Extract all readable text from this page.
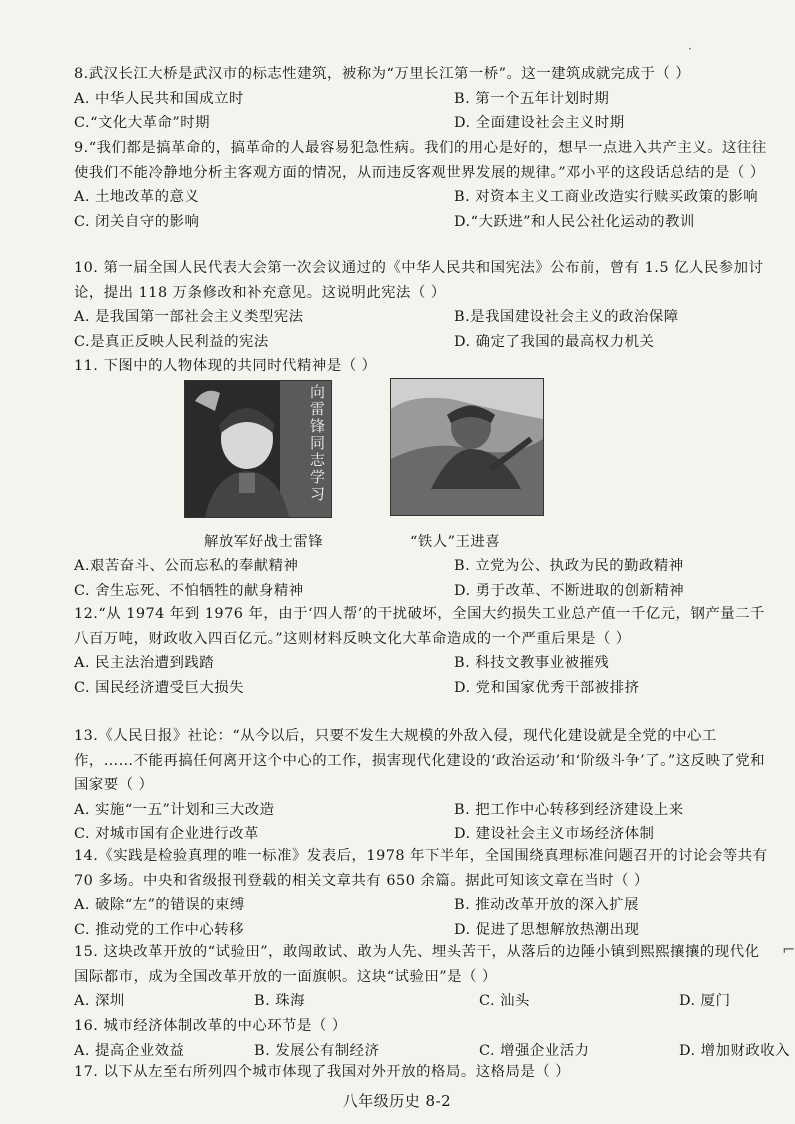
8.武汉长江大桥是武汉市的标志性建筑，被称为“万里长江第一桥”。这一建筑成就完成于（ ）
A. 中华人民共和国成立时	B. 第一个五年计划时期
C.“文化大革命”时期	D. 全面建设社会主义时期
9.“我们都是搞革命的，搞革命的人最容易犯急性病。我们的用心是好的，想早一点进入共产主义。这往往使我们不能冷静地分析主客观方面的情况，从而违反客观世界发展的规律。”邓小平的这段话总结的是（ ）
A. 土地改革的意义	B. 对资本主义工商业改造实行赎买政策的影响
C. 闭关自守的影响	D.“大跃进”和人民公社化运动的教训
10. 第一届全国人民代表大会第一次会议通过的《中华人民共和国宪法》公布前，曾有 1.5 亿人民参加讨论，提出 118 万条修改和补充意见。这说明此宪法（ ）
A. 是我国第一部社会主义类型宪法	B.是我国建设社会主义的政治保障
C.是真正反映人民利益的宪法	D. 确定了我国的最高权力机关
11. 下图中的人物体现的共同时代精神是（ ）
向雷锋同志学习
解放军好战士雷锋	“铁人”王进喜
A.艰苦奋斗、公而忘私的奉献精神	B. 立党为公、执政为民的勤政精神
C. 舍生忘死、不怕牺牲的献身精神	D. 勇于改革、不断进取的创新精神
12.“从 1974 年到 1976 年，由于‘四人帮’的干扰破坏，全国大约损失工业总产值一千亿元，钢产量二千八百万吨，财政收入四百亿元。”这则材料反映文化大革命造成的一个严重后果是（ ）
A. 民主法治遭到践踏	B. 科技文教事业被摧残
C. 国民经济遭受巨大损失	D. 党和国家优秀干部被排挤
13.《人民日报》社论：“从今以后，只要不发生大规模的外敌入侵，现代化建设就是全党的中心工作，……不能再搞任何离开这个中心的工作，损害现代化建设的‘政治运动’和‘阶级斗争’了。”这反映了党和国家要（ ）
A. 实施“一五”计划和三大改造	B. 把工作中心转移到经济建设上来
C. 对城市国有企业进行改革	D. 建设社会主义市场经济体制
14.《实践是检验真理的唯一标准》发表后，1978 年下半年，全国围绕真理标准问题召开的讨论会等共有 70 多场。中央和省级报刊登载的相关文章共有 650 余篇。据此可知该文章在当时（ ）
A. 破除“左”的错误的束缚	B. 推动改革开放的深入扩展
C. 推动党的工作中心转移	D. 促进了思想解放热潮出现
15. 这块改革开放的“试验田”，敢闯敢试、敢为人先、埋头苦干，从落后的边陲小镇到熙熙攘攘的现代化国际都市，成为全国改革开放的一面旗帜。这块“试验田”是（ ）
A. 深圳	B. 珠海	C. 汕头	D. 厦门
16. 城市经济体制改革的中心环节是（ ）
A. 提高企业效益	B. 发展公有制经济	C. 增强企业活力	D. 增加财政收入
17. 以下从左至右所列四个城市体现了我国对外开放的格局。这格局是（ ）
八年级历史 8-2
·
⌐
